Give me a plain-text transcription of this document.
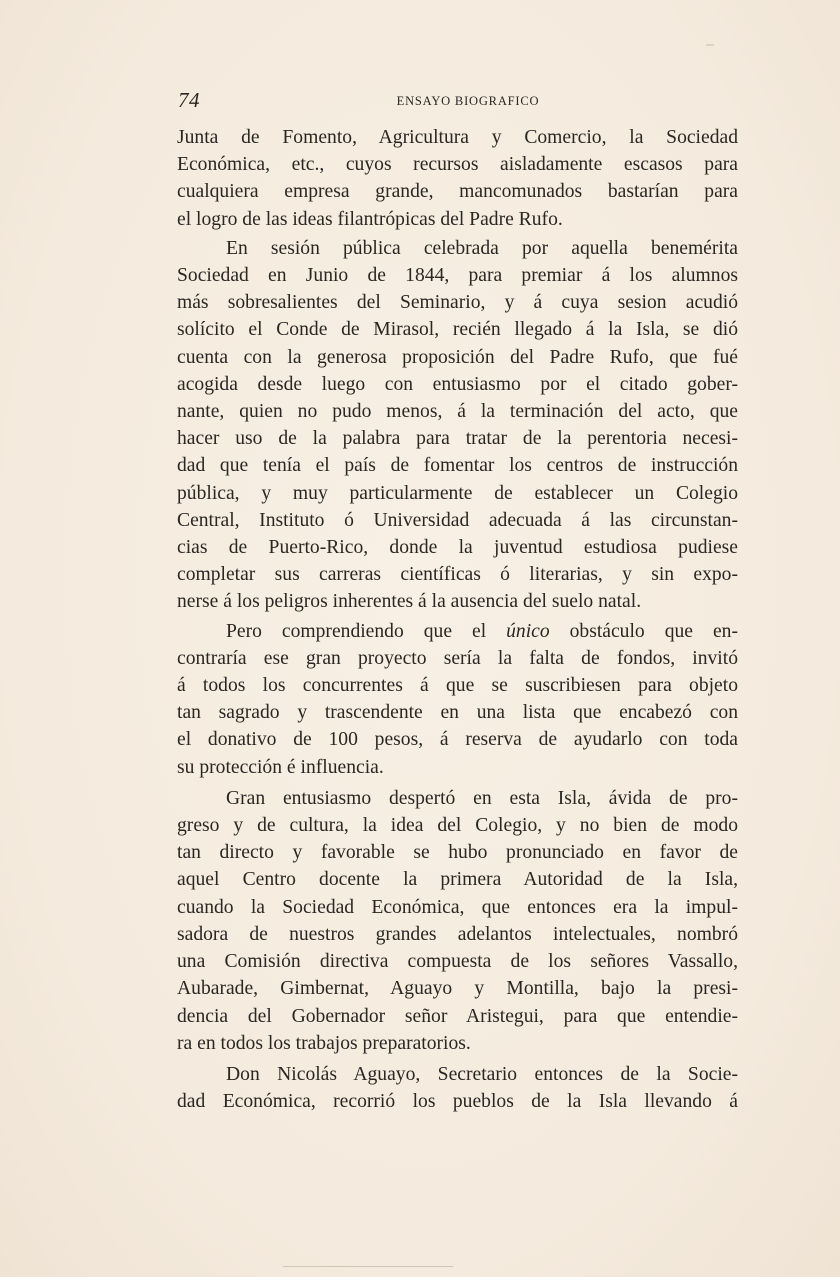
74	ENSAYO BIOGRAFICO

Junta de Fomento, Agricultura y Comercio, la Sociedad
Económica, etc., cuyos recursos aisladamente escasos para
cualquiera empresa grande, mancomunados bastarían para
el logro de las ideas filantrópicas del Padre Rufo.

En sesión pública celebrada por aquella benemérita
Sociedad en Junio de 1844, para premiar á los alumnos
más sobresalientes del Seminario, y á cuya sesion acudió
solícito el Conde de Mirasol, recién llegado á la Isla, se dió
cuenta con la generosa proposición del Padre Rufo, que fué
acogida desde luego con entusiasmo por el citado gober-
nante, quien no pudo menos, á la terminación del acto, que
hacer uso de la palabra para tratar de la perentoria necesi-
dad que tenía el país de fomentar los centros de instrucción
pública, y muy particularmente de establecer un Colegio
Central, Instituto ó Universidad adecuada á las circunstan-
cias de Puerto-Rico, donde la juventud estudiosa pudiese
completar sus carreras científicas ó literarias, y sin expo-
nerse á los peligros inherentes á la ausencia del suelo natal.

Pero comprendiendo que el único obstáculo que en-
contraría ese gran proyecto sería la falta de fondos, invitó
á todos los concurrentes á que se suscribiesen para objeto
tan sagrado y trascendente en una lista que encabezó con
el donativo de 100 pesos, á reserva de ayudarlo con toda
su protección é influencia.

Gran entusiasmo despertó en esta Isla, ávida de pro-
greso y de cultura, la idea del Colegio, y no bien de modo
tan directo y favorable se hubo pronunciado en favor de
aquel Centro docente la primera Autoridad de la Isla,
cuando la Sociedad Económica, que entonces era la impul-
sadora de nuestros grandes adelantos intelectuales, nombró
una Comisión directiva compuesta de los señores Vassallo,
Aubarade, Gimbernat, Aguayo y Montilla, bajo la presi-
dencia del Gobernador señor Aristegui, para que entendie-
ra en todos los trabajos preparatorios.

Don Nicolás Aguayo, Secretario entonces de la Socie-
dad Económica, recorrió los pueblos de la Isla llevando á
